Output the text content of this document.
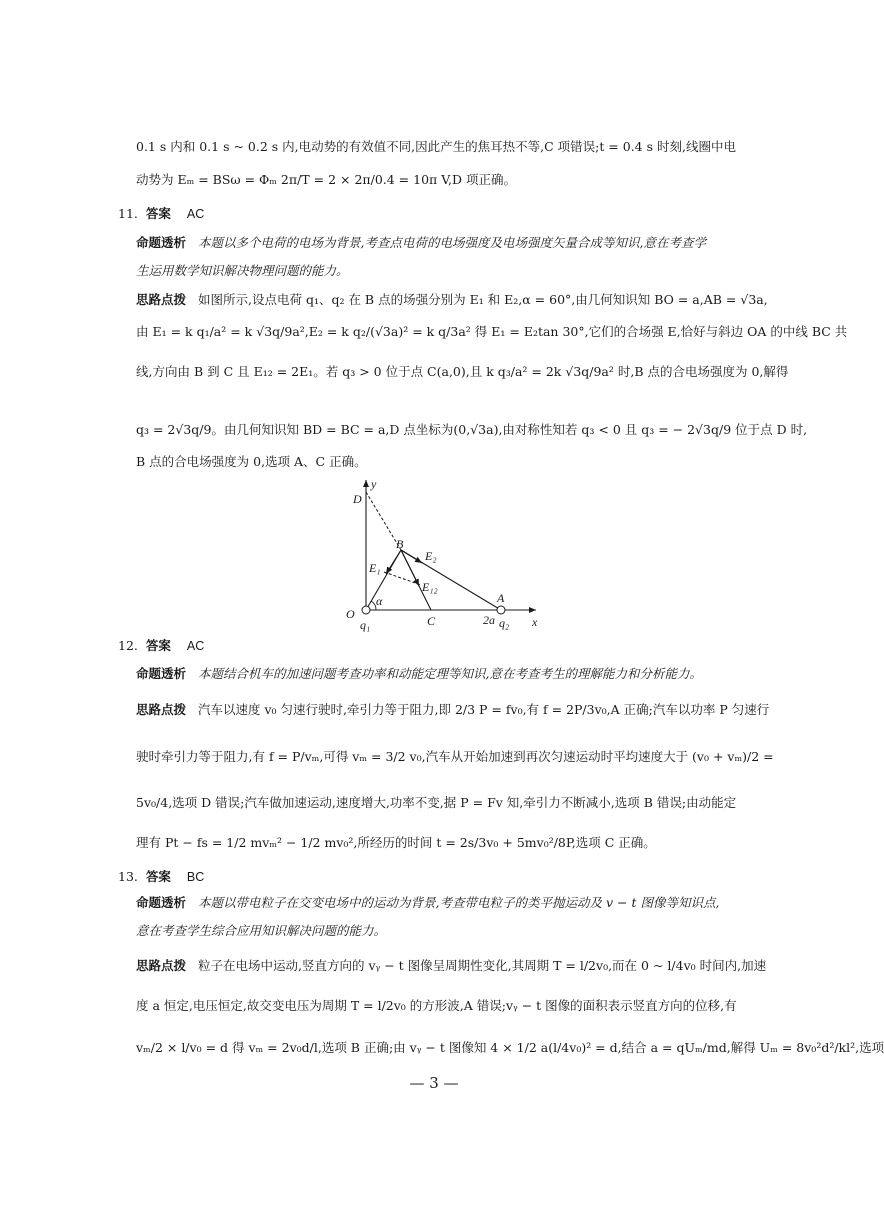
0.1 s 内和 0.1 s ~ 0.2 s 内,电动势的有效值不同,因此产生的焦耳热不等,C 项错误;t = 0.4 s 时刻,线圈中电
动势为 Eₘ = BSω = Φₘ 2π/T = 2 × 2π/0.4 = 10π V,D 项正确。
11. 答案 AC
命题透析 本题以多个电荷的电场为背景,考查点电荷的电场强度及电场强度矢量合成等知识,意在考查学
生运用数学知识解决物理问题的能力。
思路点拨 如图所示,设点电荷 q₁、q₂ 在 B 点的场强分别为 E₁ 和 E₂,α = 60°,由几何知识知 BO = a,AB = √3a,
由 E₁ = k q₁/a² = k √3q/9a²,E₂ = k q₂/(√3a)² = k q/3a² 得 E₁ = E₂tan 30°,它们的合场强 E,恰好与斜边 OA 的中线 BC 共
线,方向由 B 到 C 且 E₁₂ = 2E₁。若 q₃ > 0 位于点 C(a,0),且 k q₃/a² = 2k √3q/9a² 时,B 点的合电场强度为 0,解得
q₃ = 2√3q/9。由几何知识知 BD = BC = a,D 点坐标为(0,√3a),由对称性知若 q₃ < 0 且 q₃ = − 2√3q/9 位于点 D 时,
B 点的合电场强度为 0,选项 A、C 正确。
D
y
B
E₂
E₁
E₁₂
α
O
q₁	C
A
2a q₂ x
12. 答案 AC
命题透析 本题结合机车的加速问题考查功率和动能定理等知识,意在考查考生的理解能力和分析能力。
思路点拨 汽车以速度 v₀ 匀速行驶时,牵引力等于阻力,即 2/3 P = fv₀,有 f = 2P/3v₀,A 正确;汽车以功率 P 匀速行
驶时牵引力等于阻力,有 f = P/vₘ,可得 vₘ = 3/2 v₀,汽车从开始加速到再次匀速运动时平均速度大于 (v₀ + vₘ)/2 =
5v₀/4,选项 D 错误;汽车做加速运动,速度增大,功率不变,据 P = Fv 知,牵引力不断减小,选项 B 错误;由动能定
理有 Pt − fs = 1/2 mvₘ² − 1/2 mv₀²,所经历的时间 t = 2s/3v₀ + 5mv₀²/8P,选项 C 正确。
13. 答案 BC
命题透析 本题以带电粒子在交变电场中的运动为背景,考查带电粒子的类平抛运动及 v − t 图像等知识点,
意在考查学生综合应用知识解决问题的能力。
思路点拨 粒子在电场中运动,竖直方向的 vᵧ − t 图像呈周期性变化,其周期 T = l/2v₀,而在 0 ~ l/4v₀ 时间内,加速
度 a 恒定,电压恒定,故交变电压为周期 T = l/2v₀ 的方形波,A 错误;vᵧ − t 图像的面积表示竖直方向的位移,有
vₘ/2 × l/v₀ = d 得 vₘ = 2v₀d/l,选项 B 正确;由 vᵧ − t 图像知 4 × 1/2 a(l/4v₀)² = d,结合 a = qUₘ/md,解得 Uₘ = 8v₀²d²/kl²,选项
— 3 —
